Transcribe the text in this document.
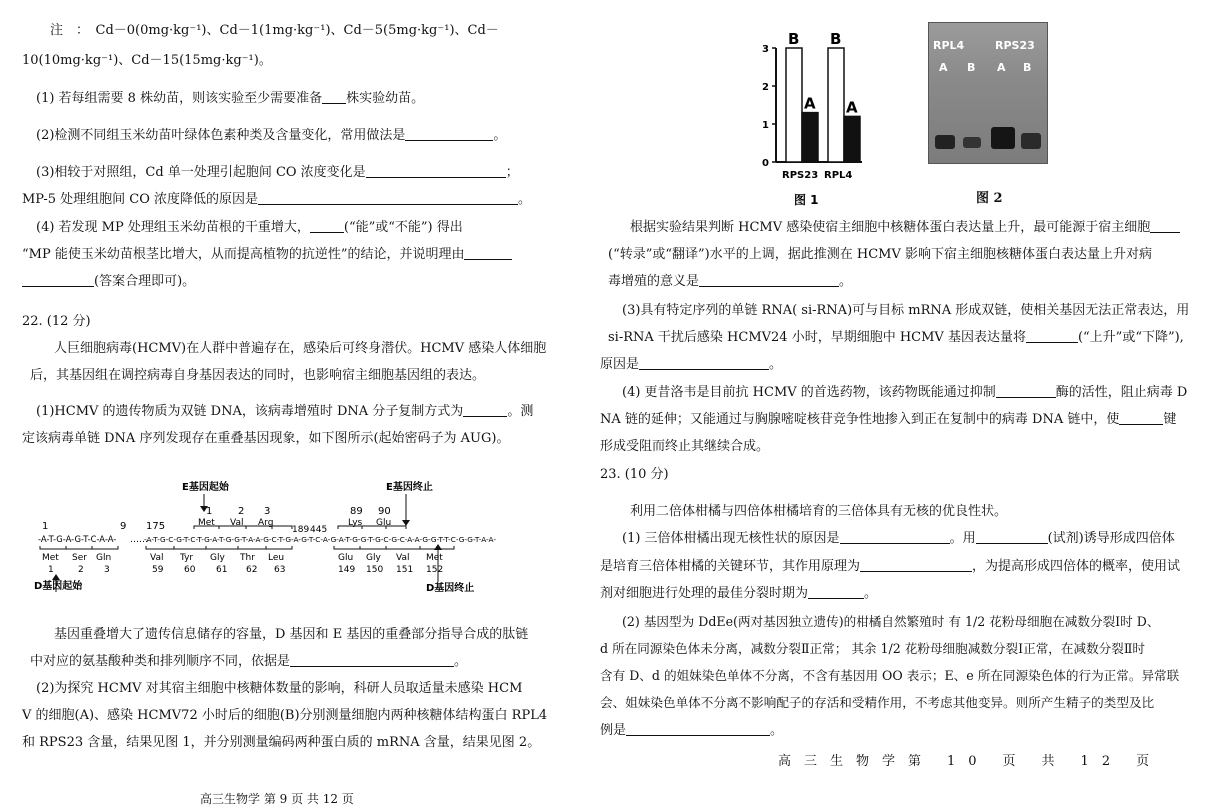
注　：　Cd－0(0mg·kg⁻¹)、Cd－1(1mg·kg⁻¹)、Cd－5(5mg·kg⁻¹)、Cd－
10(10mg·kg⁻¹)、Cd－15(15mg·kg⁻¹)。
(1) 若每组需要 8 株幼苗，则该实验至少需要准备 株实验幼苗。
(2)检测不同组玉米幼苗叶绿体色素种类及含量变化，常用做法是	。
(3)相较于对照组，Cd 单一处理引起胞间 CO 浓度变化是	；
MP-5 处理组胞间 CO 浓度降低的原因是	。
(4) 若发现 MP 处理组玉米幼苗根的干重增大，	(“能”或“不能”) 得出
“MP 能使玉米幼苗根茎比增大，从而提高植物的抗逆性”的结论，并说明理由
(答案合理即可)。
22. (12 分)
人巨细胞病毒(HCMV)在人群中普遍存在，感染后可终身潜伏。HCMV 感染人体细胞
后，其基因组在调控病毒自身基因表达的同时，也影响宿主细胞基因组的表达。
(1)HCMV 的遗传物质为双链 DNA，该病毒增殖时 DNA 分子复制方式为	。测
定该病毒单链 DNA 序列发现存在重叠基因现象，如下图所示(起始密码子为 AUG)。
E基因起始	E基因终止
1
Met
2
Val
3
Arg
89
Lys
90
Glu
1	9 175	189 445
-A-T-G-A-G-T-C-A-A- ……
-A-T-G-C-G-T-C-T-G-A-T-G-G-T-A-A-G-C-T-G-A-G-T-C-A-G-A-T-G-G-T-G-C-G-C-A-A-G-G-T-T-C-G-G-T-A-A-
Met
1
Ser
2
Gln
3
Val
59
Tyr
60
Gly
61
Thr
62
Leu
63
Glu
149
Gly
150
Val
151
Met
152
D基因起始	D基因终止
基因重叠增大了遗传信息储存的容量，D 基因和 E 基因的重叠部分指导合成的肽链
中对应的氨基酸种类和排列顺序不同，依据是	。
(2)为探究 HCMV 对其宿主细胞中核糖体数量的影响，科研人员取适量未感染 HCM
V 的细胞(A)、感染 HCMV72 小时后的细胞(B)分别测量细胞内两种核糖体结构蛋白 RPL4
和 RPS23 含量，结果见图 1，并分别测量编码两种蛋白质的 mRNA 含量，结果见图 2。
高三生物学 第 9 页 共 12 页
0
1
2
3
B
A
B
A
RPS23 RPL4
图 1
RPL4	RPS23
A B A B
图 2
根据实验结果判断 HCMV 感染使宿主细胞中核糖体蛋白表达量上升，最可能源于宿主细胞
(“转录”或“翻译”)水平的上调，据此推测在 HCMV 影响下宿主细胞核糖体蛋白表达量上升对病
毒增殖的意义是	。
(3)具有特定序列的单链 RNA( si-RNA)可与目标 mRNA 形成双链，使相关基因无法正常表达，用
si-RNA 干扰后感染 HCMV24 小时，早期细胞中 HCMV 基因表达量将	(“上升”或“下降”),
原因是	。
(4) 更昔洛韦是目前抗 HCMV 的首选药物，该药物既能通过抑制	酶的活性，阻止病毒 D
NA 链的延伸；又能通过与胸腺嘧啶核苷竞争性地掺入到正在复制中的病毒 DNA 链中，使	键
形成受阻而终止其继续合成。
23. (10 分)
利用二倍体柑橘与四倍体柑橘培育的三倍体具有无核的优良性状。
(1) 三倍体柑橘出现无核性状的原因是	。用	(试剂)诱导形成四倍体
是培育三倍体柑橘的关键环节，其作用原理为	，为提高形成四倍体的概率，使用试
剂对细胞进行处理的最佳分裂时期为	。
(2) 基因型为 DdEe(两对基因独立遗传)的柑橘自然繁殖时 有 1/2 花粉母细胞在减数分裂Ⅰ时 D、
d 所在同源染色体未分离，减数分裂Ⅱ正常； 其余 1/2 花粉母细胞减数分裂Ⅰ正常，在减数分裂Ⅱ时
含有 D、d 的姐妹染色单体不分离，不含有基因用 OO 表示；E、e 所在同源染色体的行为正常。异常联
会、姐妹染色单体不分离不影响配子的存活和受精作用，不考虑其他变异。则所产生精子的类型及比
例是	。
高　三　生　物　学　第　　1　0　　页　　共　　1　2　　页
